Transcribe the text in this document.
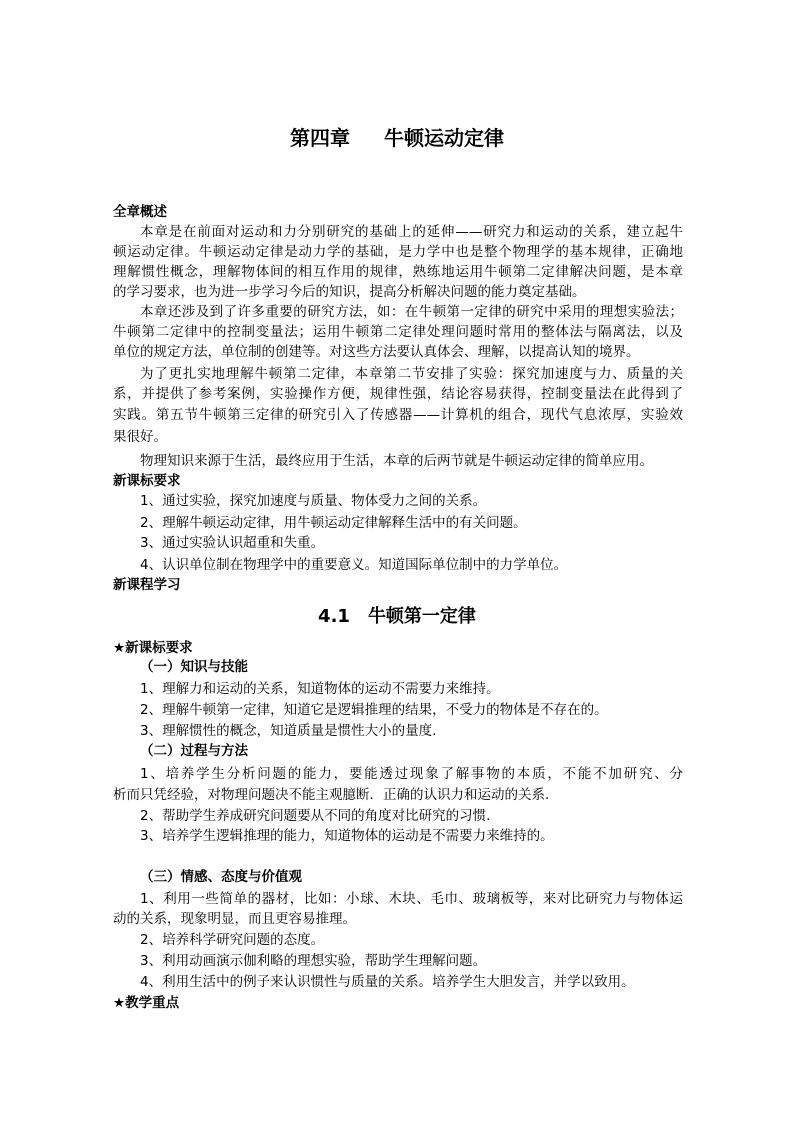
第四章 牛顿运动定律
全章概述
本章是在前面对运动和力分别研究的基础上的延伸——研究力和运动的关系，建立起牛
顿运动定律。牛顿运动定律是动力学的基础，是力学中也是整个物理学的基本规律，正确地
理解惯性概念，理解物体间的相互作用的规律，熟练地运用牛顿第二定律解决问题，是本章
的学习要求，也为进一步学习今后的知识，提高分析解决问题的能力奠定基础。
本章还涉及到了许多重要的研究方法，如：在牛顿第一定律的研究中采用的理想实验法；
牛顿第二定律中的控制变量法；运用牛顿第二定律处理问题时常用的整体法与隔离法，以及
单位的规定方法，单位制的创建等。对这些方法要认真体会、理解，以提高认知的境界。
为了更扎实地理解牛顿第二定律，本章第二节安排了实验：探究加速度与力、质量的关
系，并提供了参考案例，实验操作方便，规律性强，结论容易获得，控制变量法在此得到了
实践。第五节牛顿第三定律的研究引入了传感器——计算机的组合，现代气息浓厚，实验效
果很好。
物理知识来源于生活，最终应用于生活，本章的后两节就是牛顿运动定律的简单应用。
新课标要求
1、通过实验，探究加速度与质量、物体受力之间的关系。
2、理解牛顿运动定律，用牛顿运动定律解释生活中的有关问题。
3、通过实验认识超重和失重。
4、认识单位制在物理学中的重要意义。知道国际单位制中的力学单位。
新课程学习
4.1 牛顿第一定律
★新课标要求
（一）知识与技能
1、理解力和运动的关系，知道物体的运动不需要力来维持。
2、理解牛顿第一定律，知道它是逻辑推理的结果，不受力的物体是不存在的。
3、理解惯性的概念，知道质量是惯性大小的量度.
（二）过程与方法
1、培养学生分析问题的能力，要能透过现象了解事物的本质，不能不加研究、分
析而只凭经验，对物理问题决不能主观臆断．正确的认识力和运动的关系.
2、帮助学生养成研究问题要从不同的角度对比研究的习惯.
3、培养学生逻辑推理的能力，知道物体的运动是不需要力来维持的。
（三）情感、态度与价值观
1、利用一些简单的器材，比如：小球、木块、毛巾、玻璃板等，来对比研究力与物体运
动的关系，现象明显，而且更容易推理。
2、培养科学研究问题的态度。
3、利用动画演示伽利略的理想实验，帮助学生理解问题。
4、利用生活中的例子来认识惯性与质量的关系。培养学生大胆发言，并学以致用。
★教学重点
